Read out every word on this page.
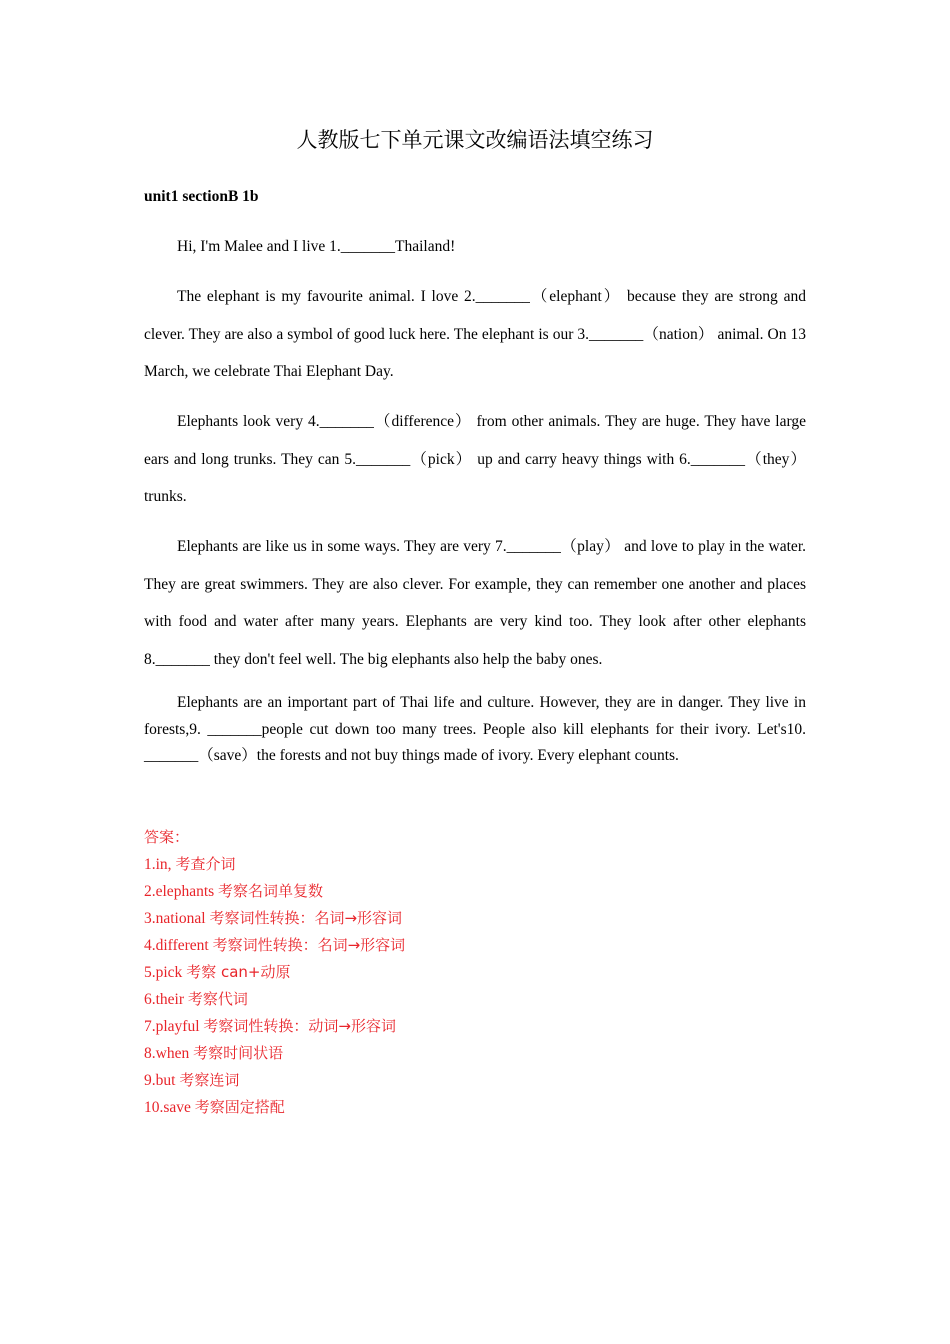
人教版七下单元课文改编语法填空练习
unit1 sectionB 1b
Hi, I'm Malee and I live 1._______Thailand!
The elephant is my favourite animal. I love 2._______（elephant） because they are strong and clever. They are also a symbol of good luck here. The elephant is our 3._______（nation） animal. On 13 March, we celebrate Thai Elephant Day.
Elephants look very 4._______（difference） from other animals. They are huge. They have large ears and long trunks. They can 5._______（pick） up and carry heavy things with 6._______（they）trunks.
Elephants are like us in some ways. They are very 7._______（play） and love to play in the water. They are great swimmers. They are also clever. For example, they can remember one another and places with food and water after many years. Elephants are very kind too. They look after other elephants 8._______ they don't feel well. The big elephants also help the baby ones.
Elephants are an important part of Thai life and culture. However, they are in danger. They live in forests,9. _______people cut down too many trees. People also kill elephants for their ivory. Let's10. _______（save）the forests and not buy things made of ivory. Every elephant counts.
答案：
1.in, 考查介词
2.elephants 考察名词单复数
3.national 考察词性转换：名词→形容词
4.different 考察词性转换：名词→形容词
5.pick 考察 can+动原
6.their 考察代词
7.playful 考察词性转换：动词→形容词
8.when 考察时间状语
9.but 考察连词
10.save 考察固定搭配
